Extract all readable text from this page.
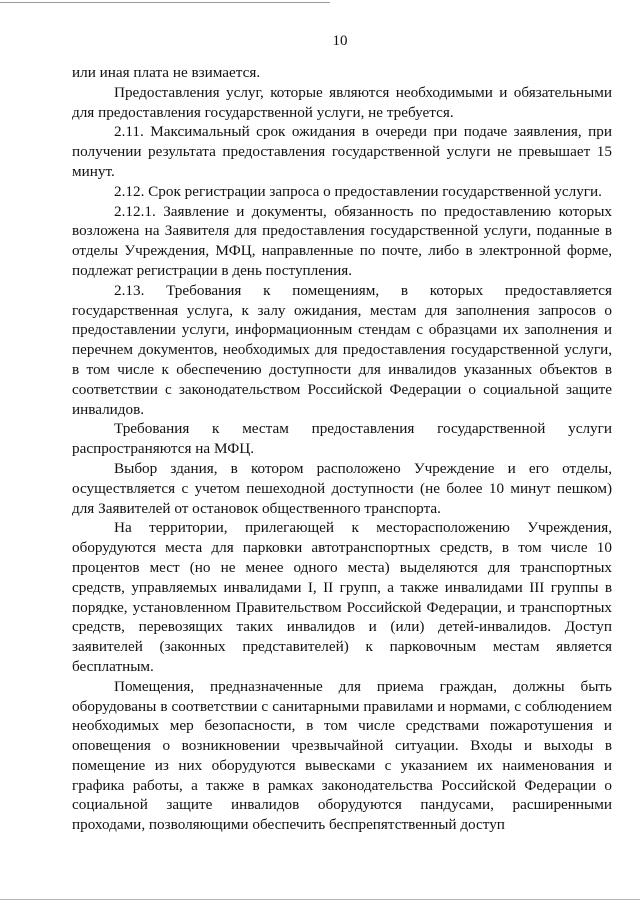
10

или иная плата не взимается.

Предоставления услуг, которые являются необходимыми и обязательными для предоставления государственной услуги, не требуется.

2.11. Максимальный срок ожидания в очереди при подаче заявления, при получении результата предоставления государственной услуги не превышает 15 минут.

2.12. Срок регистрации запроса о предоставлении государственной услуги.

2.12.1. Заявление и документы, обязанность по предоставлению которых возложена на Заявителя для предоставления государственной услуги, поданные в отделы Учреждения, МФЦ, направленные по почте, либо в электронной форме, подлежат регистрации в день поступления.

2.13. Требования к помещениям, в которых предоставляется государственная услуга, к залу ожидания, местам для заполнения запросов о предоставлении услуги, информационным стендам с образцами их заполнения и перечнем документов, необходимых для предоставления государственной услуги, в том числе к обеспечению доступности для инвалидов указанных объектов в соответствии с законодательством Российской Федерации о социальной защите инвалидов.

Требования к местам предоставления государственной услуги распространяются на МФЦ.

Выбор здания, в котором расположено Учреждение и его отделы, осуществляется с учетом пешеходной доступности (не более 10 минут пешком) для Заявителей от остановок общественного транспорта.

На территории, прилегающей к месторасположению Учреждения, оборудуются места для парковки автотранспортных средств, в том числе 10 процентов мест (но не менее одного места) выделяются для транспортных средств, управляемых инвалидами I, II групп, а также инвалидами III группы в порядке, установленном Правительством Российской Федерации, и транспортных средств, перевозящих таких инвалидов и (или) детей-инвалидов. Доступ заявителей (законных представителей) к парковочным местам является бесплатным.

Помещения, предназначенные для приема граждан, должны быть оборудованы в соответствии с санитарными правилами и нормами, с соблюдением необходимых мер безопасности, в том числе средствами пожаротушения и оповещения о возникновении чрезвычайной ситуации. Входы и выходы в помещение из них оборудуются вывесками с указанием их наименования и графика работы, а также в рамках законодательства Российской Федерации о социальной защите инвалидов оборудуются пандусами, расширенными проходами, позволяющими обеспечить беспрепятственный доступ
